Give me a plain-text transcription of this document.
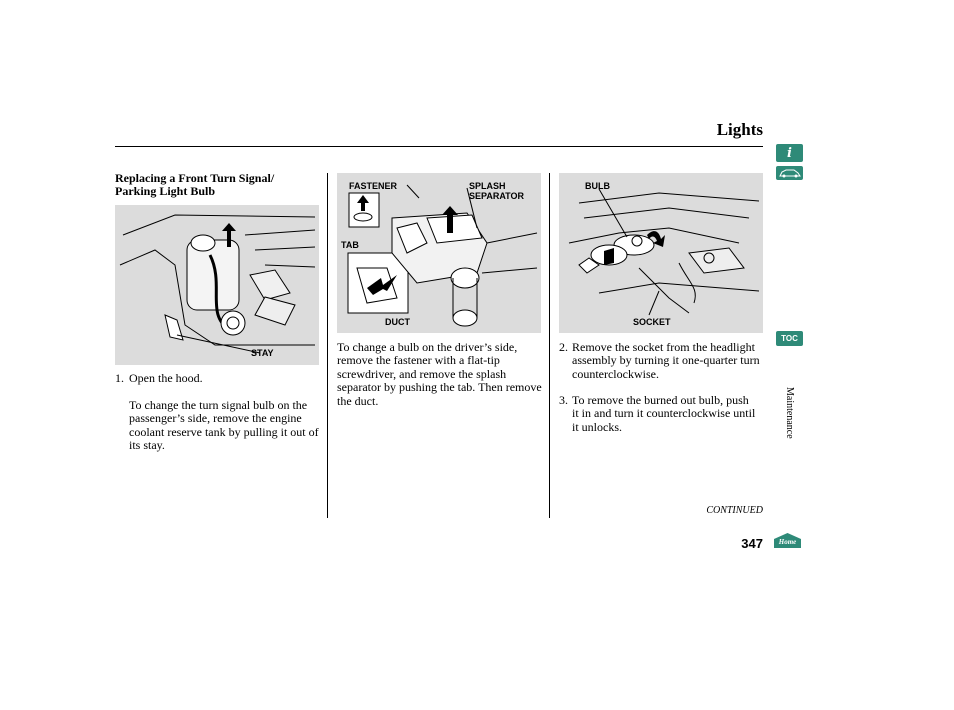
Lights
Replacing a Front Turn Signal/
Parking Light Bulb
STAY
FASTENER	SPLASH
SEPARATOR
TAB
DUCT
BULB
SOCKET
1. Open the hood.
To change the turn signal bulb on the passenger’s side, remove the engine coolant reserve tank by pulling it out of its stay.
To change a bulb on the driver’s side, remove the fastener with a flat-tip screwdriver, and remove the splash separator by pushing the tab. Then remove the duct.
2. Remove the socket from the headlight assembly by turning it one-quarter turn counterclockwise.
3. To remove the burned out bulb, push it in and turn it counterclockwise until it unlocks.
CONTINUED
347
i
TOC
Maintenance
Home
